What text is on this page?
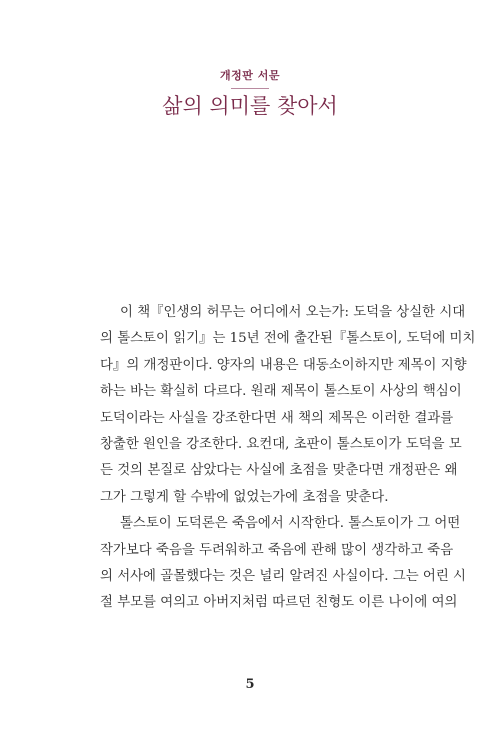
개정판 서문
삶의 의미를 찾아서
이 책『인생의 허무는 어디에서 오는가: 도덕을 상실한 시대
의 톨스토이 읽기』는 15년 전에 출간된『톨스토이, 도덕에 미치
다』의 개정판이다. 양자의 내용은 대동소이하지만 제목이 지향
하는 바는 확실히 다르다. 원래 제목이 톨스토이 사상의 핵심이
도덕이라는 사실을 강조한다면 새 책의 제목은 이러한 결과를
창출한 원인을 강조한다. 요컨대, 초판이 톨스토이가 도덕을 모
든 것의 본질로 삼았다는 사실에 초점을 맞춘다면 개정판은 왜
그가 그렇게 할 수밖에 없었는가에 초점을 맞춘다.
톨스토이 도덕론은 죽음에서 시작한다. 톨스토이가 그 어떤
작가보다 죽음을 두려워하고 죽음에 관해 많이 생각하고 죽음
의 서사에 골몰했다는 것은 널리 알려진 사실이다. 그는 어린 시
절 부모를 여의고 아버지처럼 따르던 친형도 이른 나이에 여의
5
